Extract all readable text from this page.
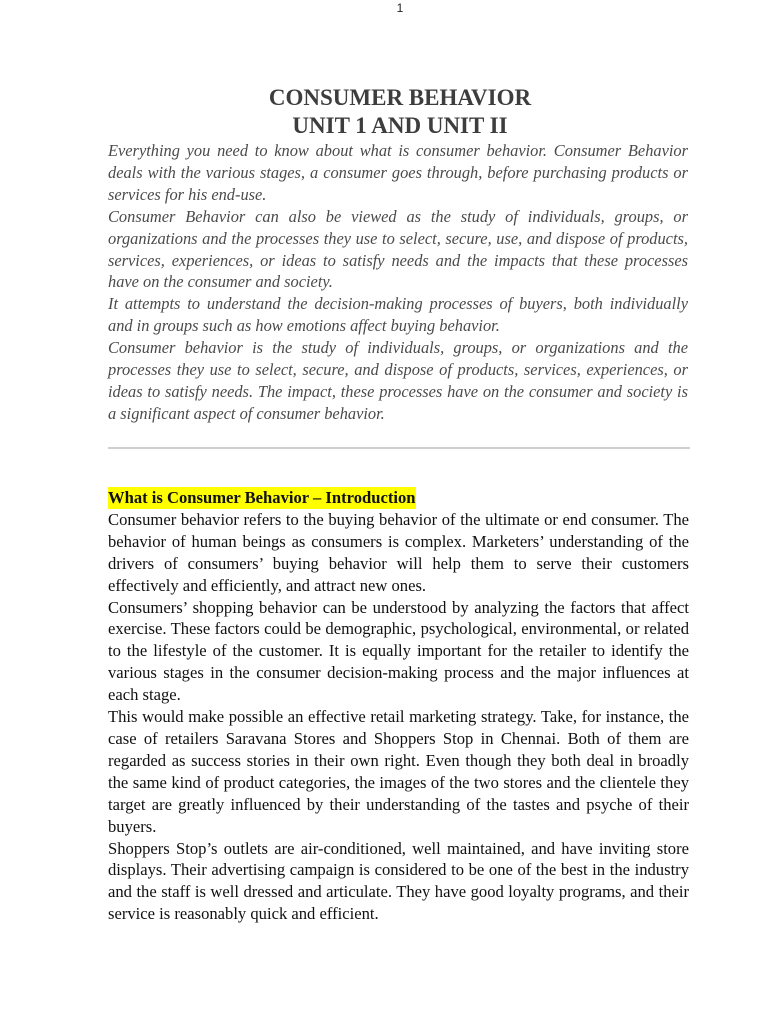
1
CONSUMER BEHAVIOR
UNIT 1 AND UNIT II

Everything you need to know about what is consumer behavior. Consumer Behavior deals with the various stages, a consumer goes through, before purchasing products or services for his end-use.

Consumer Behavior can also be viewed as the study of individuals, groups, or organizations and the processes they use to select, secure, use, and dispose of products, services, experiences, or ideas to satisfy needs and the impacts that these processes have on the consumer and society.

It attempts to understand the decision-making processes of buyers, both individually and in groups such as how emotions affect buying behavior.

Consumer behavior is the study of individuals, groups, or organizations and the processes they use to select, secure, and dispose of products, services, experiences, or ideas to satisfy needs. The impact, these processes have on the consumer and society is a significant aspect of consumer behavior.

What is Consumer Behavior – Introduction

Consumer behavior refers to the buying behavior of the ultimate or end consumer. The behavior of human beings as consumers is complex. Marketers’ understanding of the drivers of consumers’ buying behavior will help them to serve their customers effectively and efficiently, and attract new ones.

Consumers’ shopping behavior can be understood by analyzing the factors that affect exercise. These factors could be demographic, psychological, environmental, or related to the lifestyle of the customer. It is equally important for the retailer to identify the various stages in the consumer decision-making process and the major influences at each stage.

This would make possible an effective retail marketing strategy. Take, for instance, the case of retailers Saravana Stores and Shoppers Stop in Chennai. Both of them are regarded as success stories in their own right. Even though they both deal in broadly the same kind of product categories, the images of the two stores and the clientele they target are greatly influenced by their understanding of the tastes and psyche of their buyers.

Shoppers Stop’s outlets are air-conditioned, well maintained, and have inviting store displays. Their advertising campaign is considered to be one of the best in the industry and the staff is well dressed and articulate. They have good loyalty programs, and their service is reasonably quick and efficient.
